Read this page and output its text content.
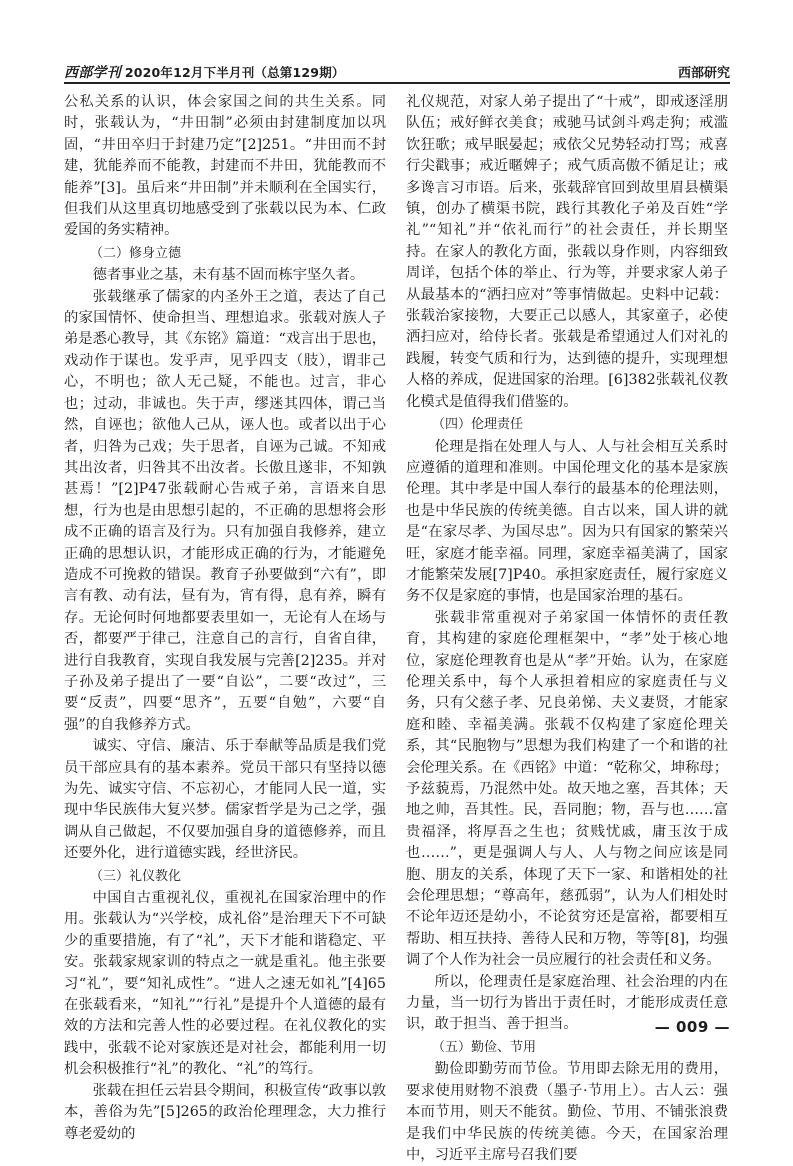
西部学刊 2020年12月下半月刊（总第129期）	西部研究

公私关系的认识，体会家国之间的共生关系。同时，张载认为，“井田制”必须由封建制度加以巩固，“井田卒归于封建乃定”[2]251。“井田而不封建，犹能养而不能教，封建而不井田，犹能教而不能养”[3]。虽后来“井田制”并未顺利在全国实行，但我们从这里真切地感受到了张载以民为本、仁政爱国的务实精神。

（二）修身立德

德者事业之基，未有基不固而栋宇坚久者。

张载继承了儒家的内圣外王之道，表达了自己的家国情怀、使命担当、理想追求。张载对族人子弟是悉心教导，其《东铭》篇道：“戏言出于思也，戏动作于谋也。发乎声，见乎四支（肢），谓非己心，不明也；欲人无己疑，不能也。过言，非心也；过动，非诚也。失于声，缪迷其四体，谓己当然，自诬也；欲他人己从，诬人也。或者以出于心者，归咎为己戏；失于思者，自诬为己诚。不知戒其出汝者，归咎其不出汝者。长傲且遂非，不知孰甚焉！”[2]P47张载耐心告戒子弟，言语来自思想，行为也是由思想引起的，不正确的思想将会形成不正确的语言及行为。只有加强自我修养，建立正确的思想认识，才能形成正确的行为，才能避免造成不可挽救的错误。教育子孙要做到“六有”，即言有教、动有法，昼有为，宵有得，息有养，瞬有存。无论何时何地都要表里如一，无论有人在场与否，都要严于律己，注意自己的言行，自省自律，进行自我教育，实现自我发展与完善[2]235。并对子孙及弟子提出了一要“自讼”，二要“改过”，三要“反责”，四要“思齐”，五要“自勉”，六要“自强”的自我修养方式。

诚实、守信、廉洁、乐于奉献等品质是我们党员干部应具有的基本素养。党员干部只有坚持以德为先、诚实守信、不忘初心，才能同人民一道，实现中华民族伟大复兴梦。儒家哲学是为己之学，强调从自己做起，不仅要加强自身的道德修养，而且还要外化，进行道德实践，经世济民。

（三）礼仪教化

中国自古重视礼仪，重视礼在国家治理中的作用。张载认为“兴学校，成礼俗”是治理天下不可缺少的重要措施，有了“礼”，天下才能和谐稳定、平安。张载家规家训的特点之一就是重礼。他主张要习“礼”，要“知礼成性”。“进人之速无如礼”[4]65在张载看来，“知礼”“行礼”是提升个人道德的最有效的方法和完善人性的必要过程。在礼仪教化的实践中，张载不论对家族还是对社会，都能利用一切机会积极推行“礼”的教化、“礼”的笃行。

张载在担任云岩县令期间，积极宣传“政事以敦本，善俗为先”[5]265的政治伦理理念，大力推行尊老爱幼的

礼仪规范，对家人弟子提出了“十戒”，即戒逐淫朋队伍；戒好鲜衣美食；戒驰马试剑斗鸡走狗；戒滥饮狂歌；戒早眠晏起；戒依父兄势轻动打骂；戒喜行尖戳事；戒近暱婢子；戒气质高傲不循足让；戒多谗言习市语。后来，张载辞官回到故里眉县横渠镇，创办了横渠书院，践行其教化子弟及百姓“学礼”“知礼”并“依礼而行”的社会责任，并长期坚持。在家人的教化方面，张载以身作则，内容细致周详，包括个体的举止、行为等，并要求家人弟子从最基本的“洒扫应对”等事情做起。史料中记载：张载治家接物，大要正己以感人，其家童子，必使洒扫应对，给侍长者。张载是希望通过人们对礼的践履，转变气质和行为，达到德的提升，实现理想人格的养成，促进国家的治理。[6]382张载礼仪教化模式是值得我们借鉴的。

（四）伦理责任

伦理是指在处理人与人、人与社会相互关系时应遵循的道理和准则。中国伦理文化的基本是家族伦理。其中孝是中国人奉行的最基本的伦理法则，也是中华民族的传统美德。自古以来，国人讲的就是“在家尽孝、为国尽忠”。因为只有国家的繁荣兴旺，家庭才能幸福。同理，家庭幸福美满了，国家才能繁荣发展[7]P40。承担家庭责任，履行家庭义务不仅是家庭的事情，也是国家治理的基石。

张载非常重视对子弟家国一体情怀的责任教育，其构建的家庭伦理框架中，“孝”处于核心地位，家庭伦理教育也是从“孝”开始。认为，在家庭伦理关系中，每个人承担着相应的家庭责任与义务，只有父慈子孝、兄良弟悌、夫义妻贤，才能家庭和睦、幸福美满。张载不仅构建了家庭伦理关系，其“民胞物与”思想为我们构建了一个和谐的社会伦理关系。在《西铭》中道：“乾称父，坤称母；予兹藐焉，乃混然中处。故天地之塞，吾其体；天地之帅，吾其性。民，吾同胞；物，吾与也……富贵福泽，将厚吾之生也；贫贱忧戚，庸玉汝于成也……”，更是强调人与人、人与物之间应该是同胞、朋友的关系，体现了天下一家、和谐相处的社会伦理思想；“尊高年，慈孤弱”，认为人们相处时不论年迈还是幼小，不论贫穷还是富裕，都要相互帮助、相互扶持、善待人民和万物，等等[8]，均强调了个人作为社会一员应履行的社会责任和义务。

所以，伦理责任是家庭治理、社会治理的内在力量，当一切行为皆出于责任时，才能形成责任意识，敢于担当、善于担当。

（五）勤俭、节用

勤俭即勤劳而节俭。节用即去除无用的费用，要求使用财物不浪费（墨子·节用上）。古人云：强本而节用，则天不能贫。勤俭、节用、不铺张浪费是我们中华民族的传统美德。今天，在国家治理中，习近平主席号召我们要

— 009 —
